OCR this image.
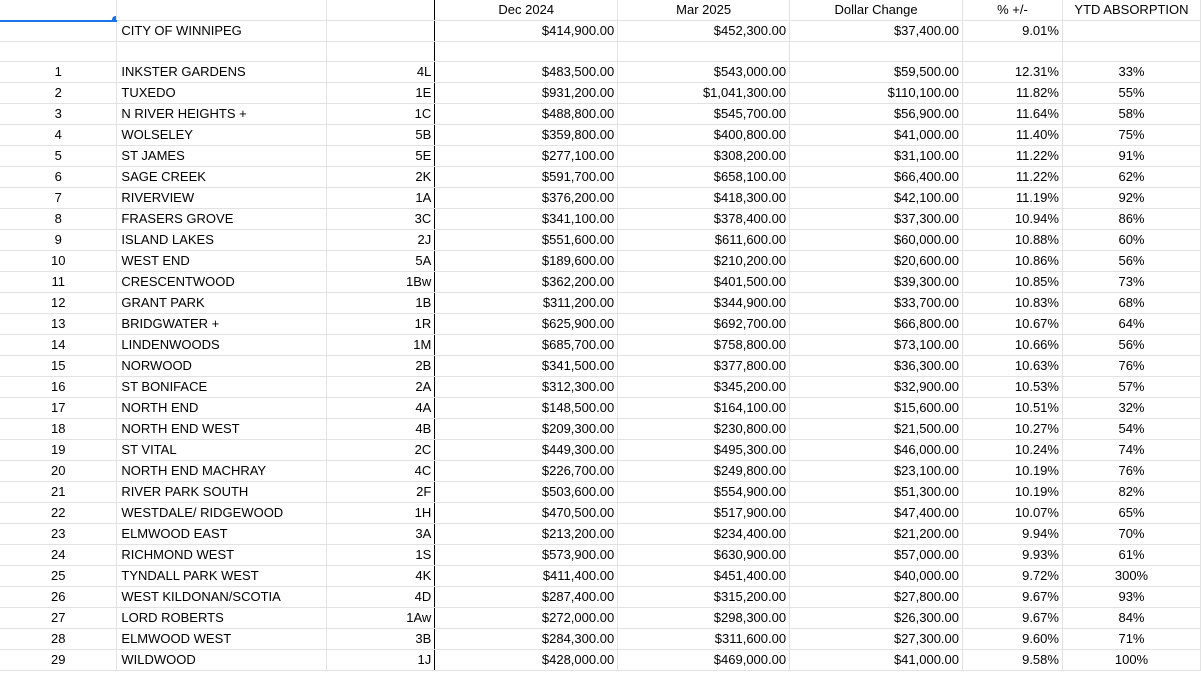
			Dec 2024	Mar 2025	Dollar Change	% +/-	YTD ABSORPTION
	CITY OF WINNIPEG		$414,900.00	$452,300.00	$37,400.00	9.01%	

1	INKSTER GARDENS	4L	$483,500.00	$543,000.00	$59,500.00	12.31%	33%
2	TUXEDO	1E	$931,200.00	$1,041,300.00	$110,100.00	11.82%	55%
3	N RIVER HEIGHTS +	1C	$488,800.00	$545,700.00	$56,900.00	11.64%	58%
4	WOLSELEY	5B	$359,800.00	$400,800.00	$41,000.00	11.40%	75%
5	ST JAMES	5E	$277,100.00	$308,200.00	$31,100.00	11.22%	91%
6	SAGE CREEK	2K	$591,700.00	$658,100.00	$66,400.00	11.22%	62%
7	RIVERVIEW	1A	$376,200.00	$418,300.00	$42,100.00	11.19%	92%
8	FRASERS GROVE	3C	$341,100.00	$378,400.00	$37,300.00	10.94%	86%
9	ISLAND LAKES	2J	$551,600.00	$611,600.00	$60,000.00	10.88%	60%
10	WEST END	5A	$189,600.00	$210,200.00	$20,600.00	10.86%	56%
11	CRESCENTWOOD	1Bw	$362,200.00	$401,500.00	$39,300.00	10.85%	73%
12	GRANT PARK	1B	$311,200.00	$344,900.00	$33,700.00	10.83%	68%
13	BRIDGWATER +	1R	$625,900.00	$692,700.00	$66,800.00	10.67%	64%
14	LINDENWOODS	1M	$685,700.00	$758,800.00	$73,100.00	10.66%	56%
15	NORWOOD	2B	$341,500.00	$377,800.00	$36,300.00	10.63%	76%
16	ST BONIFACE	2A	$312,300.00	$345,200.00	$32,900.00	10.53%	57%
17	NORTH END	4A	$148,500.00	$164,100.00	$15,600.00	10.51%	32%
18	NORTH END WEST	4B	$209,300.00	$230,800.00	$21,500.00	10.27%	54%
19	ST VITAL	2C	$449,300.00	$495,300.00	$46,000.00	10.24%	74%
20	NORTH END MACHRAY	4C	$226,700.00	$249,800.00	$23,100.00	10.19%	76%
21	RIVER PARK SOUTH	2F	$503,600.00	$554,900.00	$51,300.00	10.19%	82%
22	WESTDALE/ RIDGEWOOD	1H	$470,500.00	$517,900.00	$47,400.00	10.07%	65%
23	ELMWOOD EAST	3A	$213,200.00	$234,400.00	$21,200.00	9.94%	70%
24	RICHMOND WEST	1S	$573,900.00	$630,900.00	$57,000.00	9.93%	61%
25	TYNDALL PARK WEST	4K	$411,400.00	$451,400.00	$40,000.00	9.72%	300%
26	WEST KILDONAN/SCOTIA	4D	$287,400.00	$315,200.00	$27,800.00	9.67%	93%
27	LORD ROBERTS	1Aw	$272,000.00	$298,300.00	$26,300.00	9.67%	84%
28	ELMWOOD WEST	3B	$284,300.00	$311,600.00	$27,300.00	9.60%	71%
29	WILDWOOD	1J	$428,000.00	$469,000.00	$41,000.00	9.58%	100%
